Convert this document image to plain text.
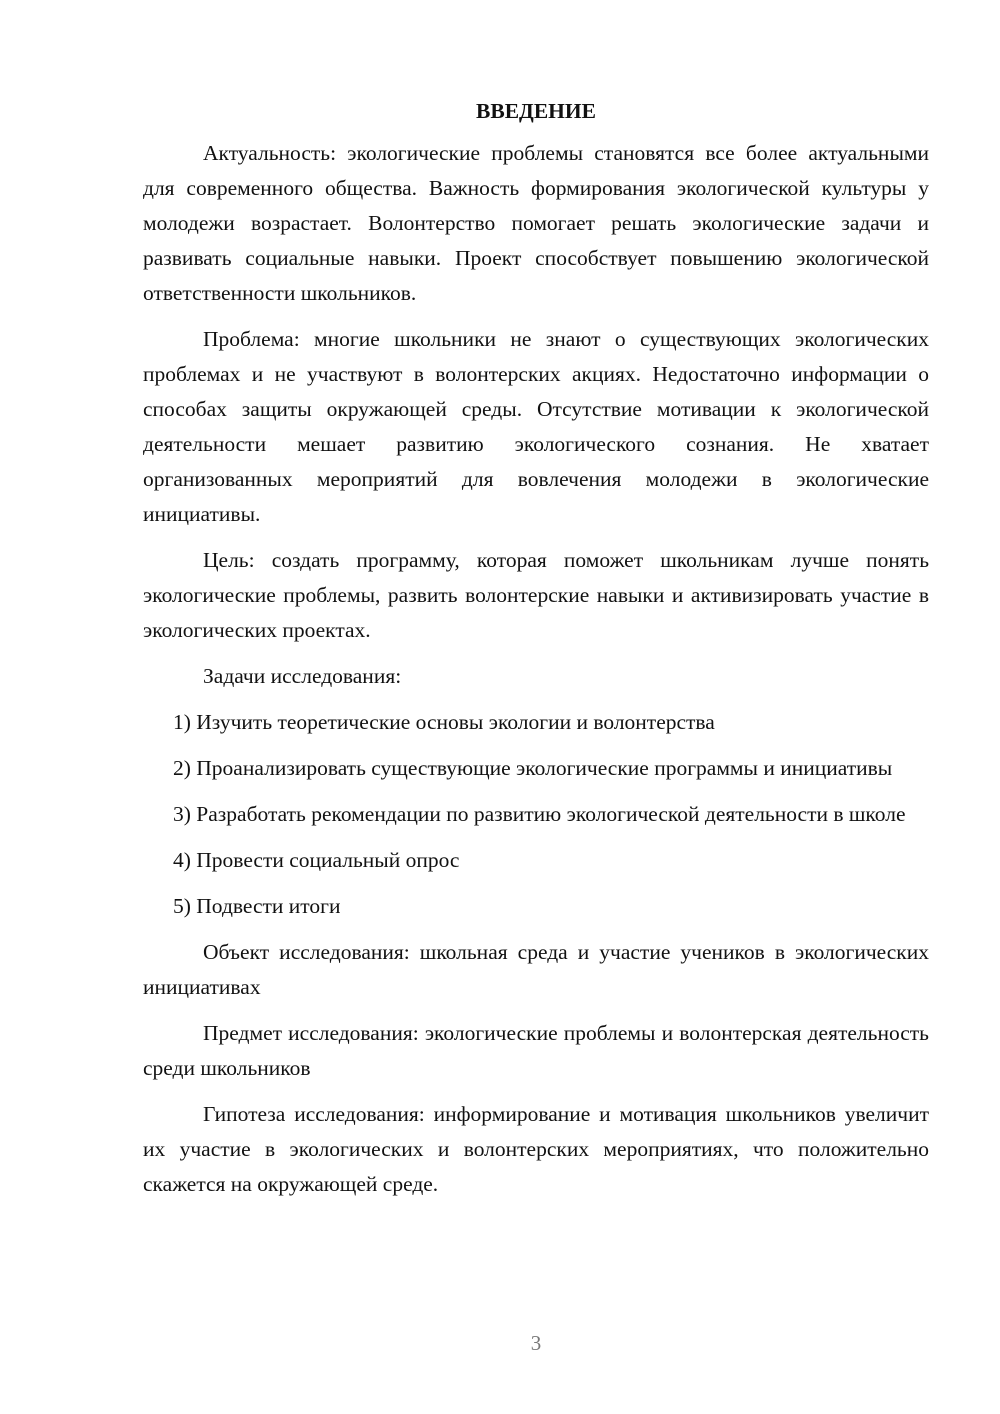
ВВЕДЕНИЕ

Актуальность: экологические проблемы становятся все более актуальными для современного общества. Важность формирования экологической культуры у молодежи возрастает. Волонтерство помогает решать экологические задачи и развивать социальные навыки. Проект способствует повышению экологической ответственности школьников.

Проблема: многие школьники не знают о существующих экологических проблемах и не участвуют в волонтерских акциях. Недостаточно информации о способах защиты окружающей среды. Отсутствие мотивации к экологической деятельности мешает развитию экологического сознания. Не хватает организованных мероприятий для вовлечения молодежи в экологические инициативы.

Цель: создать программу, которая поможет школьникам лучше понять экологические проблемы, развить волонтерские навыки и активизировать участие в экологических проектах.

Задачи исследования:

1) Изучить теоретические основы экологии и волонтерства

2) Проанализировать существующие экологические программы и инициативы

3) Разработать рекомендации по развитию экологической деятельности в школе

4) Провести социальный опрос

5) Подвести итоги

Объект исследования: школьная среда и участие учеников в экологических инициативах

Предмет исследования: экологические проблемы и волонтерская деятельность среди школьников

Гипотеза исследования: информирование и мотивация школьников увеличит их участие в экологических и волонтерских мероприятиях, что положительно скажется на окружающей среде.

3
